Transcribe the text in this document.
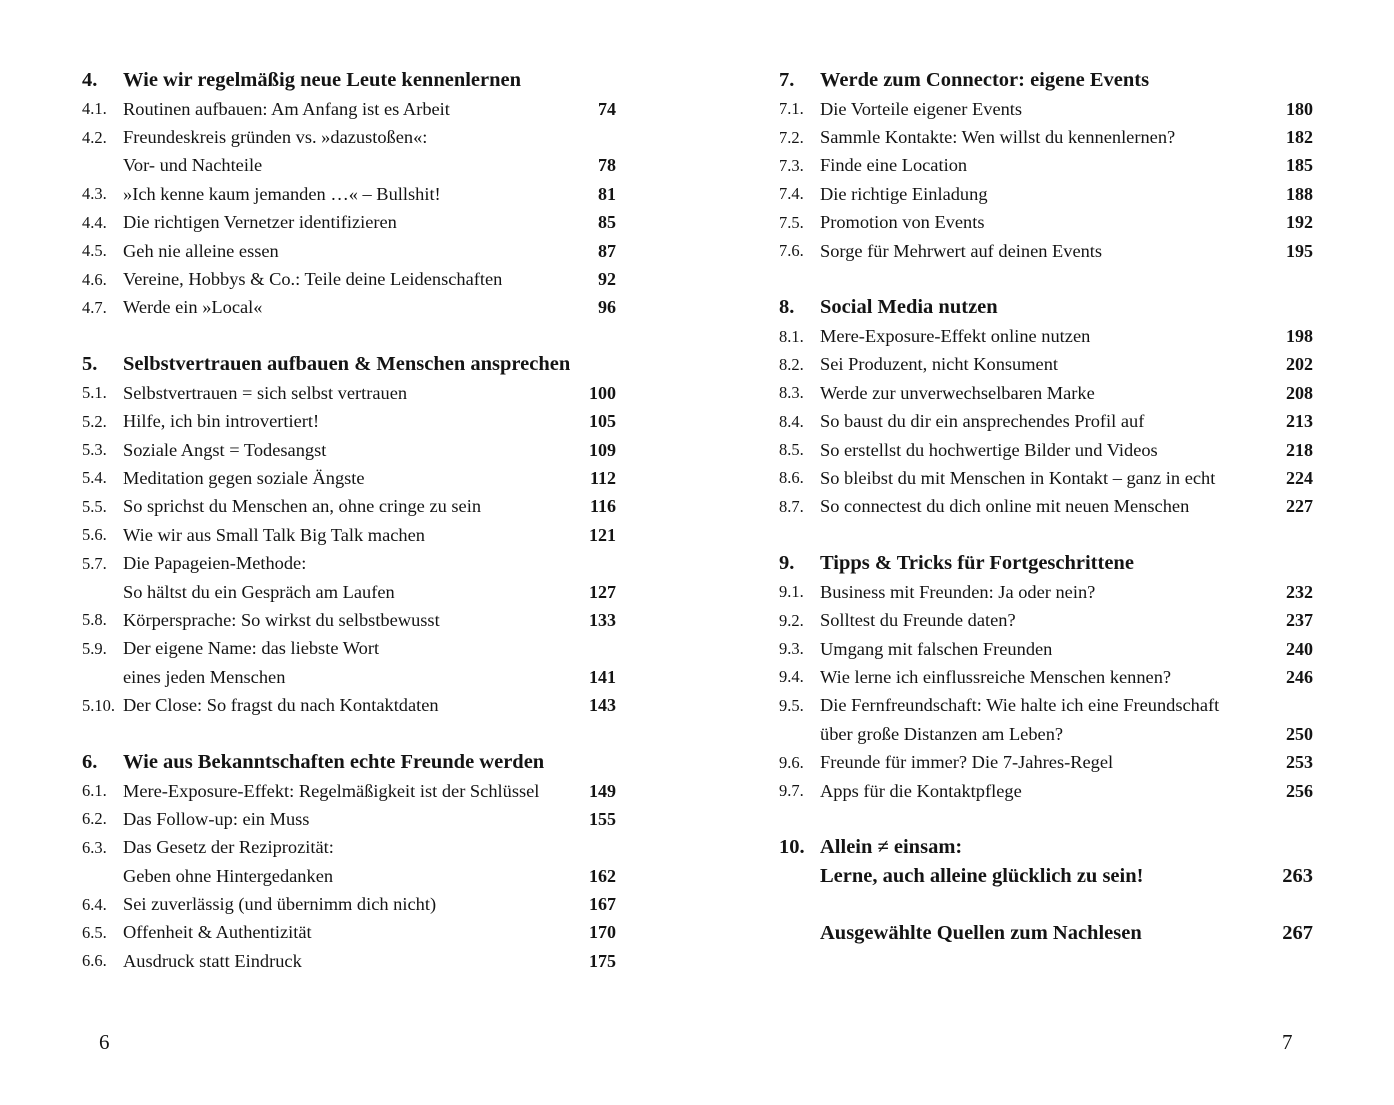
4.	Wie wir regelmäßig neue Leute kennenlernen
4.1. Routinen aufbauen: Am Anfang ist es Arbeit	74
4.2. Freundeskreis gründen vs. »dazustoßen«:
Vor- und Nachteile	78
4.3. »Ich kenne kaum jemanden …« – Bullshit!	81
4.4. Die richtigen Vernetzer identifizieren	85
4.5. Geh nie alleine essen	87
4.6. Vereine, Hobbys & Co.: Teile deine Leidenschaften	92
4.7. Werde ein »Local«	96
5.	Selbstvertrauen aufbauen & Menschen ansprechen
5.1. Selbstvertrauen = sich selbst vertrauen	100
5.2. Hilfe, ich bin introvertiert!	105
5.3. Soziale Angst = Todesangst	109
5.4. Meditation gegen soziale Ängste	112
5.5. So sprichst du Menschen an, ohne cringe zu sein	116
5.6. Wie wir aus Small Talk Big Talk machen	121
5.7. Die Papageien-Methode:
So hältst du ein Gespräch am Laufen	127
5.8. Körpersprache: So wirkst du selbstbewusst	133
5.9. Der eigene Name: das liebste Wort
eines jeden Menschen	141
5.10. Der Close: So fragst du nach Kontaktdaten	143
6.	Wie aus Bekanntschaften echte Freunde werden
6.1. Mere-Exposure-Effekt: Regelmäßigkeit ist der Schlüssel	149
6.2. Das Follow-up: ein Muss	155
6.3. Das Gesetz der Reziprozität:
Geben ohne Hintergedanken	162
6.4. Sei zuverlässig (und übernimm dich nicht)	167
6.5. Offenheit & Authentizität	170
6.6. Ausdruck statt Eindruck	175
7.	Werde zum Connector: eigene Events
7.1. Die Vorteile eigener Events	180
7.2. Sammle Kontakte: Wen willst du kennenlernen?	182
7.3. Finde eine Location	185
7.4. Die richtige Einladung	188
7.5. Promotion von Events	192
7.6. Sorge für Mehrwert auf deinen Events	195
8.	Social Media nutzen
8.1. Mere-Exposure-Effekt online nutzen	198
8.2. Sei Produzent, nicht Konsument	202
8.3. Werde zur unverwechselbaren Marke	208
8.4. So baust du dir ein ansprechendes Profil auf	213
8.5. So erstellst du hochwertige Bilder und Videos	218
8.6. So bleibst du mit Menschen in Kontakt – ganz in echt	224
8.7. So connectest du dich online mit neuen Menschen	227
9.	Tipps & Tricks für Fortgeschrittene
9.1. Business mit Freunden: Ja oder nein?	232
9.2. Solltest du Freunde daten?	237
9.3. Umgang mit falschen Freunden	240
9.4. Wie lerne ich einflussreiche Menschen kennen?	246
9.5. Die Fernfreundschaft: Wie halte ich eine Freundschaft
über große Distanzen am Leben?	250
9.6. Freunde für immer? Die 7-Jahres-Regel	253
9.7. Apps für die Kontaktpflege	256
10. Allein ≠ einsam:
Lerne, auch alleine glücklich zu sein!	263
Ausgewählte Quellen zum Nachlesen	267
6	7
